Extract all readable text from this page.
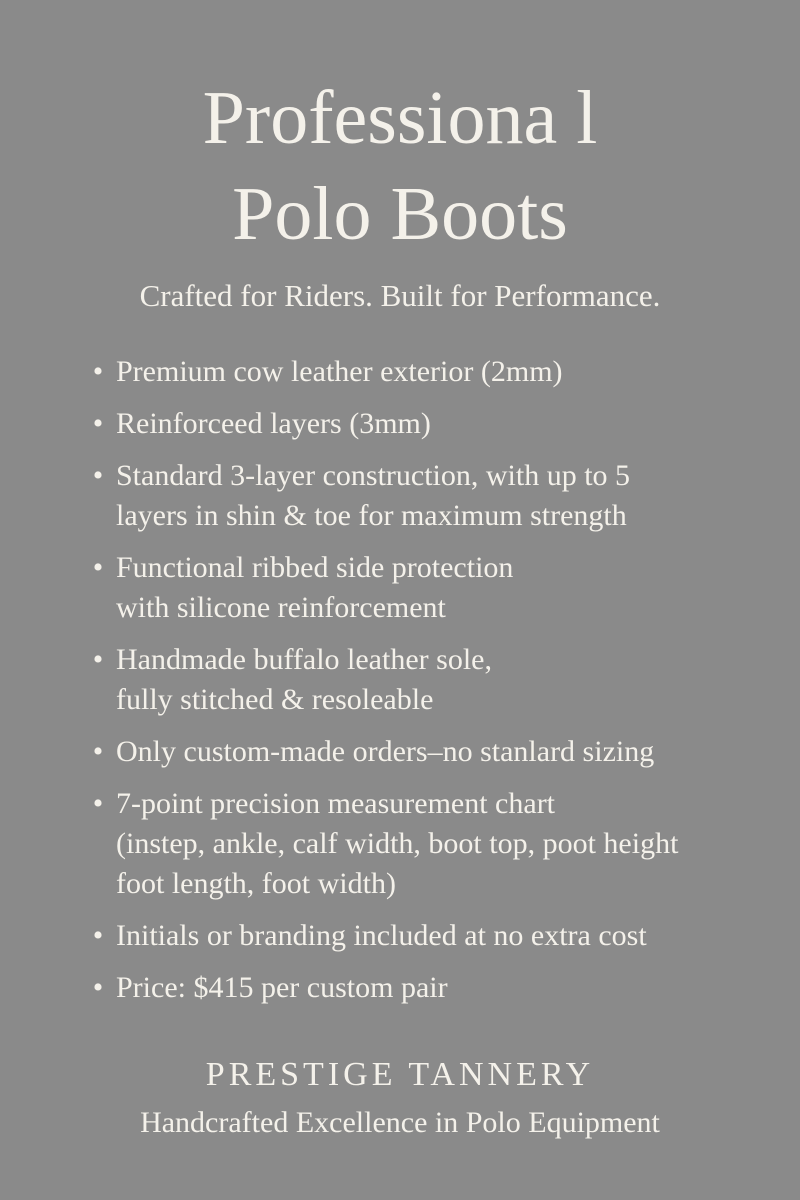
Professiona l
Polo Boots
Crafted for Riders. Built for Performance.
• Premium cow leather exterior (2mm)
• Reinforceed layers (3mm)
• Standard 3-layer construction, with up to 5
layers in shin & toe for maximum strength
• Functional ribbed side protection
with silicone reinforcement
• Handmade buffalo leather sole,
fully stitched & resoleable
• Only custom-made orders–no stanlard sizing
• 7-point precision measurement chart
(instep, ankle, calf width, boot top, poot height
foot length, foot width)
• Initials or branding included at no extra cost
• Price: $415 per custom pair
PRESTIGE TANNERY
Handcrafted Excellence in Polo Equipment
